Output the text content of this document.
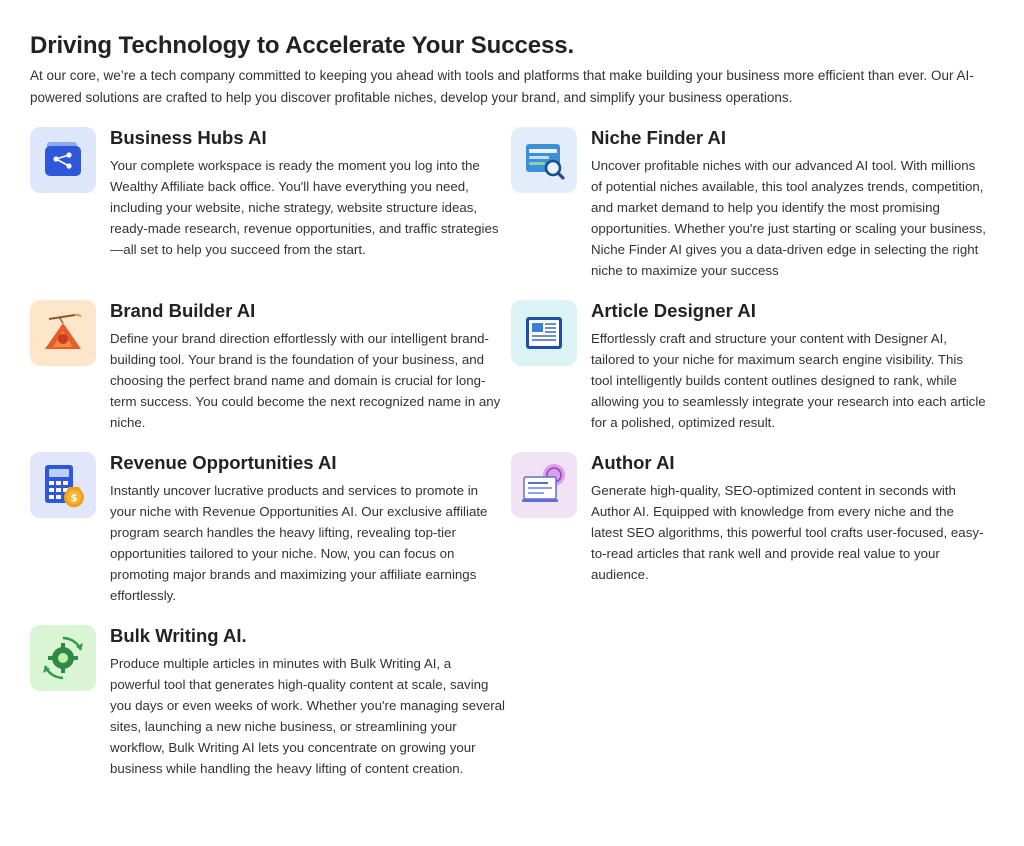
Driving Technology to Accelerate Your Success.

At our core, we’re a tech company committed to keeping you ahead with tools and platforms that make building your business more efficient than ever. Our AI-powered solutions are crafted to help you discover profitable niches, develop your brand, and simplify your business operations.

Business Hubs AI

Your complete workspace is ready the moment you log into the Wealthy Affiliate back office. You'll have everything you need, including your website, niche strategy, website structure ideas, ready-made research, revenue opportunities, and traffic strategies—all set to help you succeed from the start.

Niche Finder AI

Uncover profitable niches with our advanced AI tool. With millions of potential niches available, this tool analyzes trends, competition, and market demand to help you identify the most promising opportunities. Whether you're just starting or scaling your business, Niche Finder AI gives you a data-driven edge in selecting the right niche to maximize your success

Brand Builder AI

Define your brand direction effortlessly with our intelligent brand-building tool. Your brand is the foundation of your business, and choosing the perfect brand name and domain is crucial for long-term success. You could become the next recognized name in any niche.

Article Designer AI

Effortlessly craft and structure your content with Designer AI, tailored to your niche for maximum search engine visibility. This tool intelligently builds content outlines designed to rank, while allowing you to seamlessly integrate your research into each article for a polished, optimized result.

$
Revenue Opportunities AI

Instantly uncover lucrative products and services to promote in your niche with Revenue Opportunities AI. Our exclusive affiliate program search handles the heavy lifting, revealing top-tier opportunities tailored to your niche. Now, you can focus on promoting major brands and maximizing your affiliate earnings effortlessly.

Author AI

Generate high-quality, SEO-optimized content in seconds with Author AI. Equipped with knowledge from every niche and the latest SEO algorithms, this powerful tool crafts user-focused, easy-to-read articles that rank well and provide real value to your audience.

Bulk Writing AI.

Produce multiple articles in minutes with Bulk Writing AI, a powerful tool that generates high-quality content at scale, saving you days or even weeks of work. Whether you're managing several sites, launching a new niche business, or streamlining your workflow, Bulk Writing AI lets you concentrate on growing your business while handling the heavy lifting of content creation.
